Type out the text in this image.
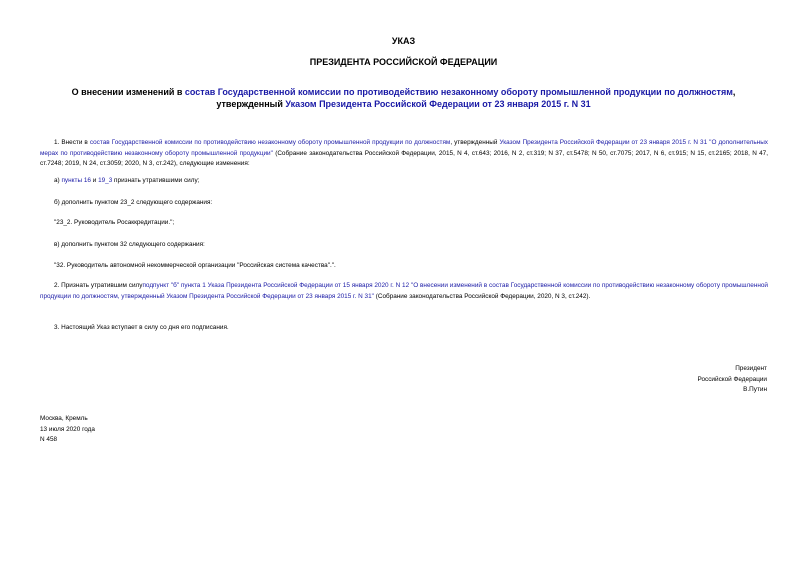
УКАЗ
ПРЕЗИДЕНТА РОССИЙСКОЙ ФЕДЕРАЦИИ
О внесении изменений в состав Государственной комиссии по противодействию незаконному обороту промышленной продукции по должностям, утвержденный Указом Президента Российской Федерации от 23 января 2015 г. N 31
1. Внести в состав Государственной комиссии по противодействию незаконному обороту промышленной продукции по должностям, утвержденный Указом Президента Российской Федерации от 23 января 2015 г. N 31 "О дополнительных мерах по противодействию незаконному обороту промышленной продукции" (Собрание законодательства Российской Федерации, 2015, N 4, ст.643; 2016, N 2, ст.319; N 37, ст.5478; N 50, ст.7075; 2017, N 6, ст.915; N 15, ст.2165; 2018, N 47, ст.7248; 2019, N 24, ст.3059; 2020, N 3, ст.242), следующие изменения:
а) пункты 16 и 19_3 признать утратившими силу;
б) дополнить пунктом 23_2 следующего содержания:
"23_2. Руководитель Росаккредитации.";
в) дополнить пунктом 32 следующего содержания:
"32. Руководитель автономной некоммерческой организации "Российская система качества".".
2. Признать утратившим силуподпункт "б" пункта 1 Указа Президента Российской Федерации от 15 января 2020 г. N 12 "О внесении изменений в состав Государственной комиссии по противодействию незаконному обороту промышленной продукции по должностям, утвержденный Указом Президента Российской Федерации от 23 января 2015 г. N 31" (Собрание законодательства Российской Федерации, 2020, N 3, ст.242).
3. Настоящий Указ вступает в силу со дня его подписания.
Президент
Российской Федерации
В.Путин
Москва, Кремль
13 июля 2020 года
N 458
